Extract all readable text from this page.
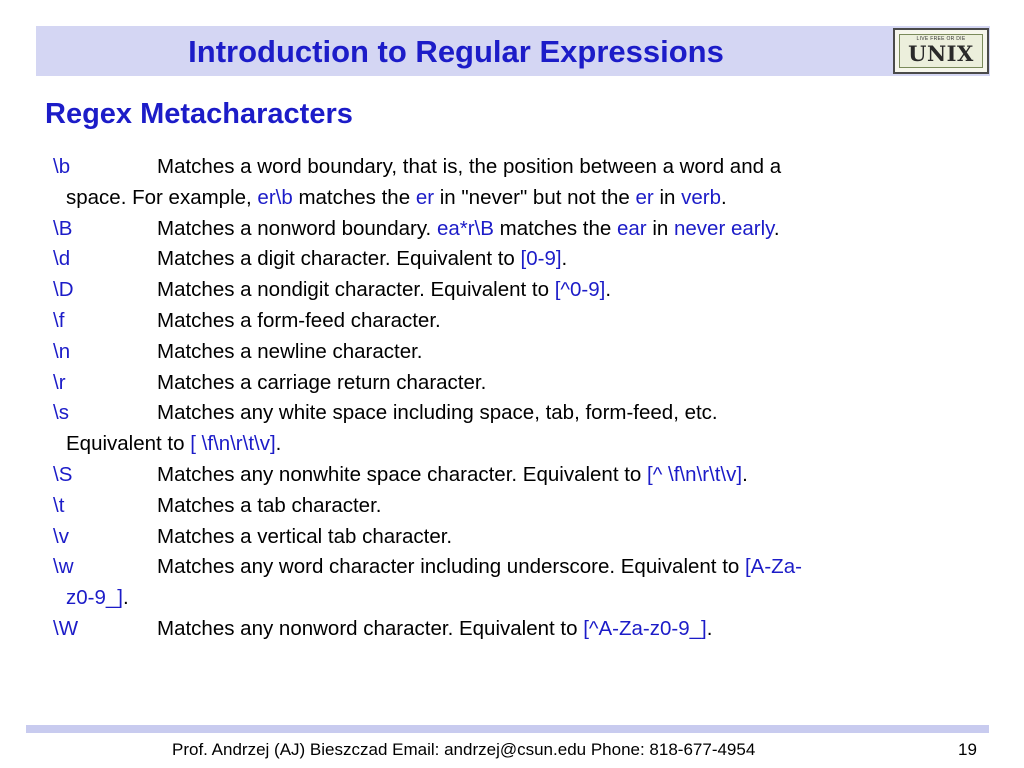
Introduction to Regular Expressions	LIVE FREE OR DIE
UNIX
Regex Metacharacters
\b	Matches a word boundary, that is, the position between a word and a
space. For example, er\b matches the er in "never" but not the er in verb.
\B	Matches a nonword boundary. ea*r\B matches the ear in never early.
\d	Matches a digit character. Equivalent to [0-9].
\D	Matches a nondigit character. Equivalent to [^0-9].
\f	Matches a form-feed character.
\n	Matches a newline character.
\r	Matches a carriage return character.
\s	Matches any white space including space, tab, form-feed, etc.
Equivalent to [ \f\n\r\t\v].
\S	Matches any nonwhite space character. Equivalent to [^ \f\n\r\t\v].
\t	Matches a tab character.
\v	Matches a vertical tab character.
\w	Matches any word character including underscore. Equivalent to [A-Za-
z0-9_].
\W	Matches any nonword character. Equivalent to [^A-Za-z0-9_].
Prof. Andrzej (AJ) Bieszczad Email: andrzej@csun.edu Phone: 818-677-4954	19
